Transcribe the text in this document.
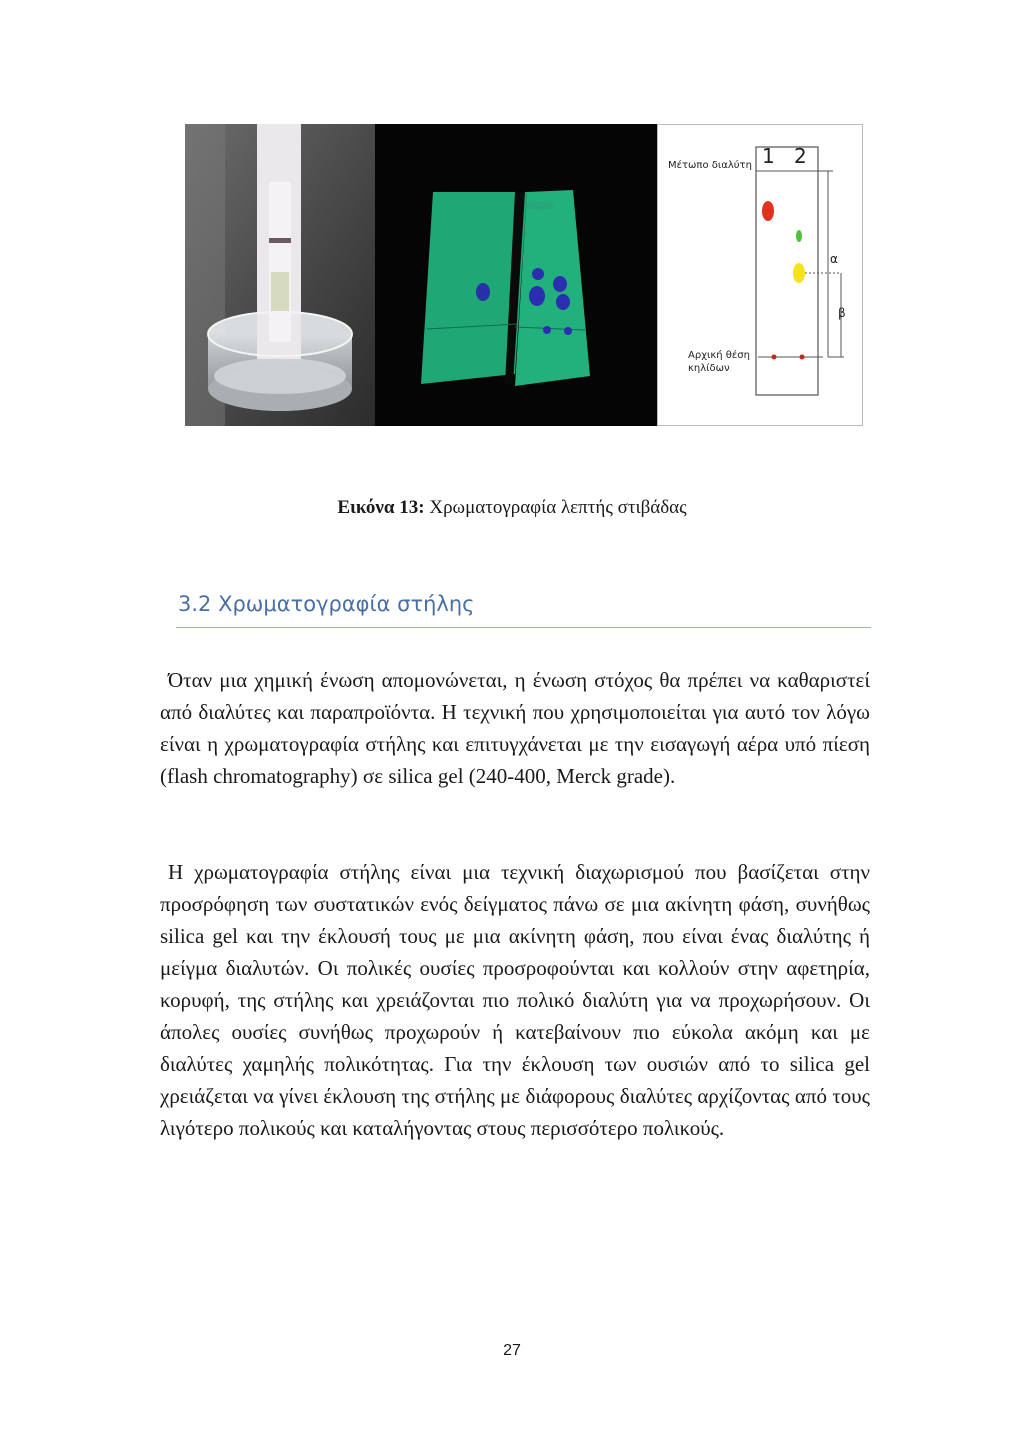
Μέτωπο διαλύτη 1 2
α
β
Αρχική θέση
κηλίδων
Εικόνα 13: Χρωματογραφία λεπτής στιβάδας
3.2 Χρωματογραφία στήλης

Όταν μια χημική ένωση απομονώνεται, η ένωση στόχος θα πρέπει να καθαριστεί από διαλύτες και παραπροϊόντα. Η τεχνική που χρησιμοποιείται για αυτό τον λόγω είναι η χρωματογραφία στήλης και επιτυγχάνεται με την εισαγωγή αέρα υπό πίεση (flash chromatography) σε silica gel (240-400, Merck grade).

Η χρωματογραφία στήλης είναι μια τεχνική διαχωρισμού που βασίζεται στην προσρόφηση των συστατικών ενός δείγματος πάνω σε μια ακίνητη φάση, συνήθως silica gel και την έκλουσή τους με μια ακίνητη φάση, που είναι ένας διαλύτης ή μείγμα διαλυτών. Οι πολικές ουσίες προσροφούνται και κολλούν στην αφετηρία, κορυφή, της στήλης και χρειάζονται πιο πολικό διαλύτη για να προχωρήσουν. Οι άπολες ουσίες συνήθως προχωρούν ή κατεβαίνουν πιο εύκολα ακόμη και με διαλύτες χαμηλής πολικότητας. Για την έκλουση των ουσιών από το silica gel χρειάζεται να γίνει έκλουση της στήλης με διάφορους διαλύτες αρχίζοντας από τους λιγότερο πολικούς και καταλήγοντας στους περισσότερο πολικούς.

27
